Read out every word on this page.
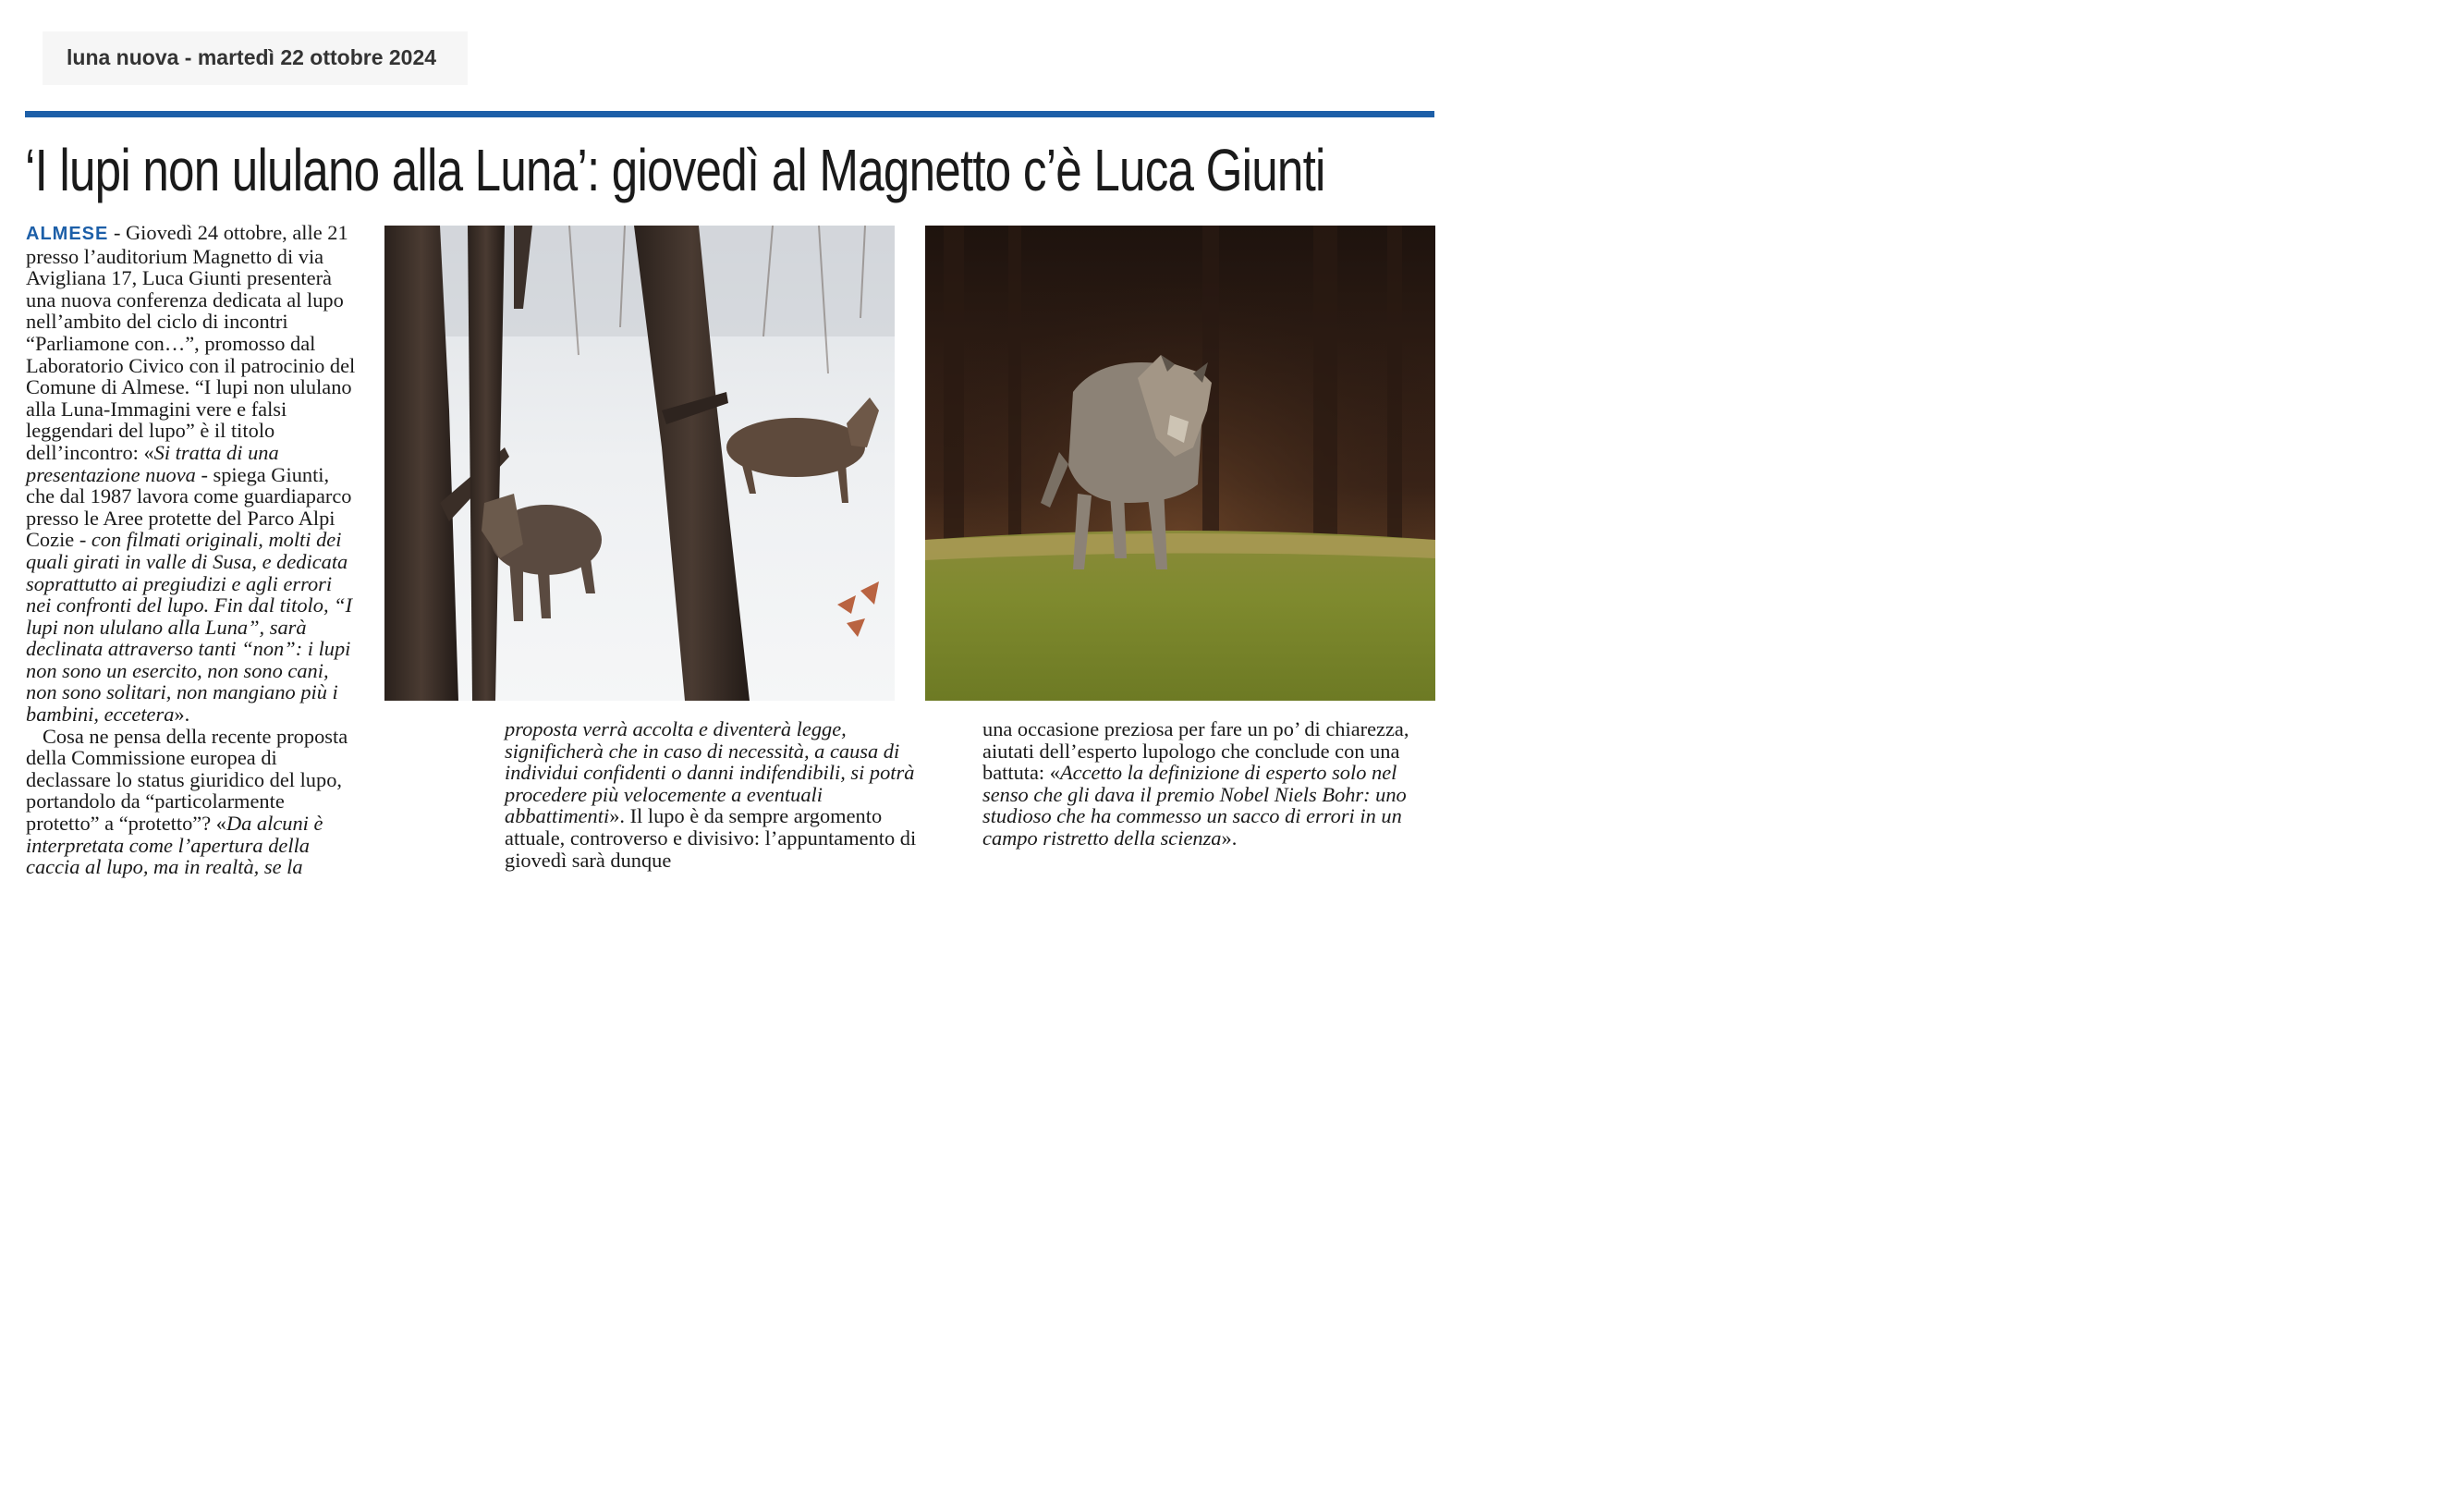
luna nuova - martedì 22 ottobre 2024
‘I lupi non ululano alla Luna’: giovedì al Magnetto c’è Luca Giunti

ALMESE - Giovedì 24 ottobre, alle 21 presso l’auditorium Magnetto di via Avigliana 17, Luca Giunti presenterà una nuova conferenza dedicata al lupo nell’ambito del ciclo di incontri “Parliamone con…”, promosso dal Laboratorio Civico con il patrocinio del Comune di Almese. “I lupi non ululano alla Luna-Immagini vere e falsi leggendari del lupo” è il titolo dell’incontro: «Si tratta di una presentazione nuova - spiega Giunti, che dal 1987 lavora come guardiaparco presso le Aree protette del Parco Alpi Cozie - con filmati originali, molti dei quali girati in valle di Susa, e dedicata soprattutto ai pregiudizi e agli errori nei confronti del lupo. Fin dal titolo, “I lupi non ululano alla Luna”, sarà declinata attraverso tanti “non”: i lupi non sono un esercito, non sono cani, non sono solitari, non mangiano più i bambini, eccetera».

Cosa ne pensa della recente proposta della Commissione europea di declassare lo status giuridico del lupo, portandolo da “particolarmente protetto” a “protetto”? «Da alcuni è interpretata come l’apertura della caccia al lupo, ma in realtà, se la

proposta verrà accolta e diventerà legge, significherà che in caso di necessità, a causa di individui confidenti o danni indifendibili, si potrà procedere più velocemente a eventuali abbattimenti». Il lupo è da sempre argomento attuale, controverso e divisivo: l’appuntamento di giovedì sarà dunque

una occasione preziosa per fare un po’ di chiarezza, aiutati dell’esperto lupologo che conclude con una battuta: «Accetto la definizione di esperto solo nel senso che gli dava il premio Nobel Niels Bohr: uno studioso che ha commesso un sacco di errori in un campo ristretto della scienza».
